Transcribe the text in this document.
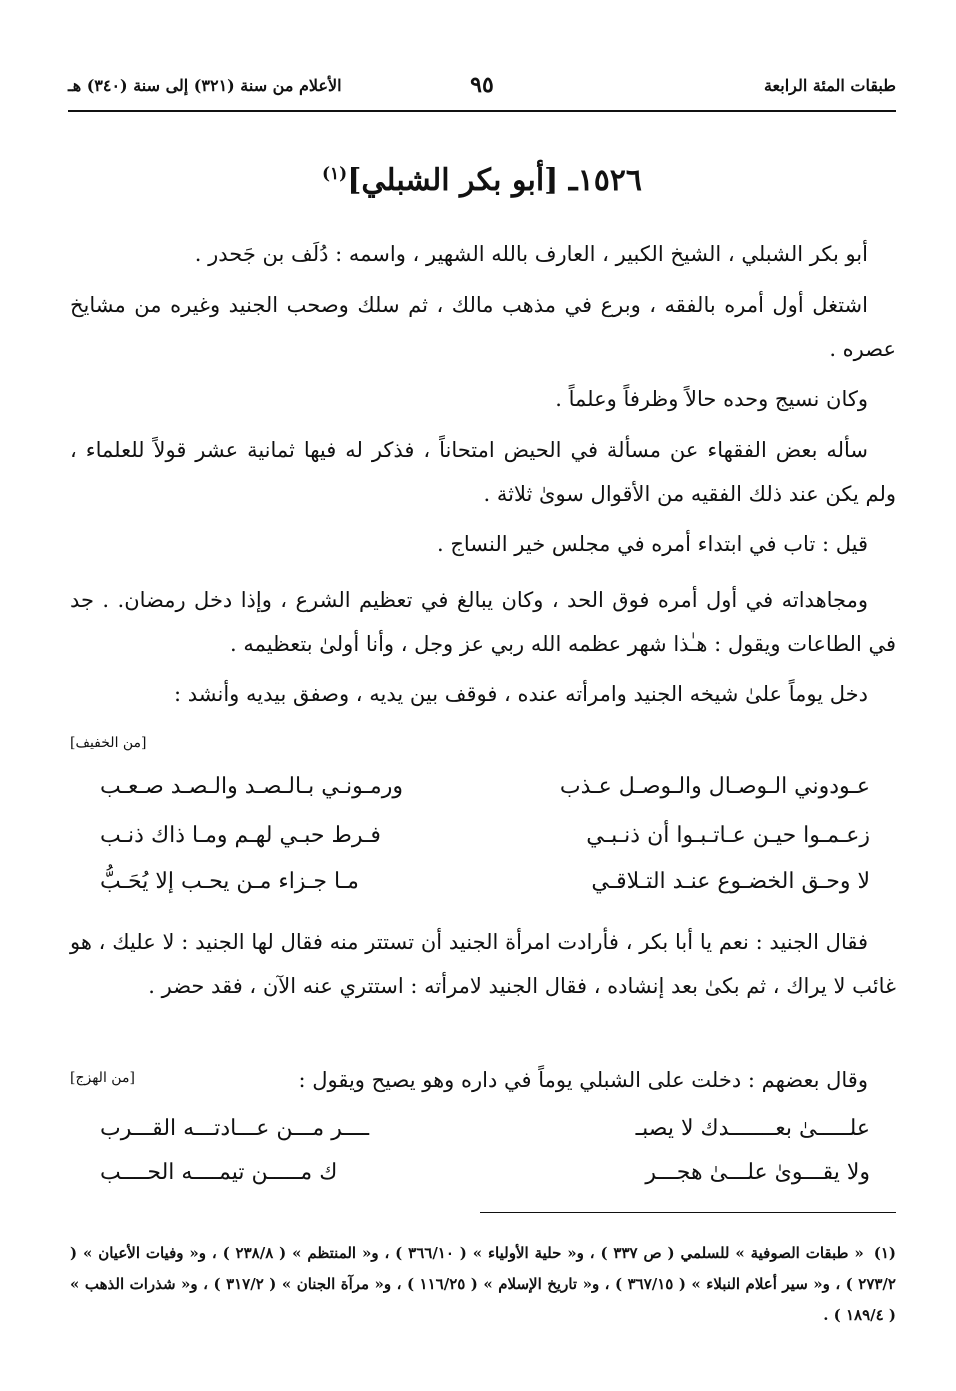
طبقات المئة الرابعة
٩٥
الأعلام من سنة (٣٢١) إلى سنة (٣٤٠) هـ
١٥٢٦ـ [أبو بكر الشبلي]$^{(١)}$
أبو بكر الشبلي ، الشيخ الكبير ، العارف بالله الشهير ، واسمه : دُلَف بن جَحدر .
اشتغل أول أمره بالفقه ، وبرع في مذهب مالك ، ثم سلك وصحب الجنيد وغيره من مشايخ عصره .
وكان نسيج وحده حالاً وظرفاً وعلماً .
سأله بعض الفقهاء عن مسألة في الحيض امتحاناً ، فذكر له فيها ثمانية عشر قولاً للعلماء ، ولم يكن عند ذلك الفقيه من الأقوال سوىٰ ثلاثة .
قيل : تاب في ابتداء أمره في مجلس خير النساج .
ومجاهداته في أول أمره فوق الحد ، وكان يبالغ في تعظيم الشرع ، وإذا دخل رمضان. . جد في الطاعات ويقول : هـٰذا شهر عظمه الله ربي عز وجل ، وأنا أولىٰ بتعظيمه .
دخل يوماً علىٰ شيخه الجنيد وامرأته عنده ، فوقف بين يديه ، وصفق بيديه وأنشد :
[من الخفيف]
عـودوني الـوصـال والـوصـل عـذب
ورمـونـي بـالـصـد والـصـد صـعـب
زعـمـوا حيـن عـاتـبـوا أن ذنـبـي
فـرط حبـي لهـم ومـا ذاك ذنـب
لا وحـق الخضـوع عنـد التـلاقـي
مـا جـزاء مـن يحـب إلا يُحَـبُّ
فقال الجنيد : نعم يا أبا بكر ، فأرادت امرأة الجنيد أن تستتر منه فقال لها الجنيد : لا عليك ، هو غائب لا يراك ، ثم بكىٰ بعد إنشاده ، فقال الجنيد لامرأته : استتري عنه الآن ، فقد حضر .
وقال بعضهم : دخلت على الشبلي يوماً في داره وهو يصيح ويقول :
[من الهزج]
علـــــىٰ بعـــــــدك لا يصبـ
ــــر مـــن عـــادتـــه القـــرب
ولا يقـــوىٰ علـــىٰ هجـــر
ك مـــــن تيمــــه الحــــب
(١)« طبقات الصوفية » للسلمي ( ص ٣٣٧ ) ، و« حلية الأولياء » ( ٣٦٦/١٠ ) ، و« المنتظم » ( ٢٣٨/٨ ) ، و« وفيات الأعيان » ( ٢٧٣/٢ ) ، و« سير أعلام النبلاء » ( ٣٦٧/١٥ ) ، و« تاريخ الإسلام » ( ١١٦/٢٥ ) ، و« مرآة الجنان » ( ٣١٧/٢ ) ، و« شذرات الذهب » ( ١٨٩/٤ ) .
